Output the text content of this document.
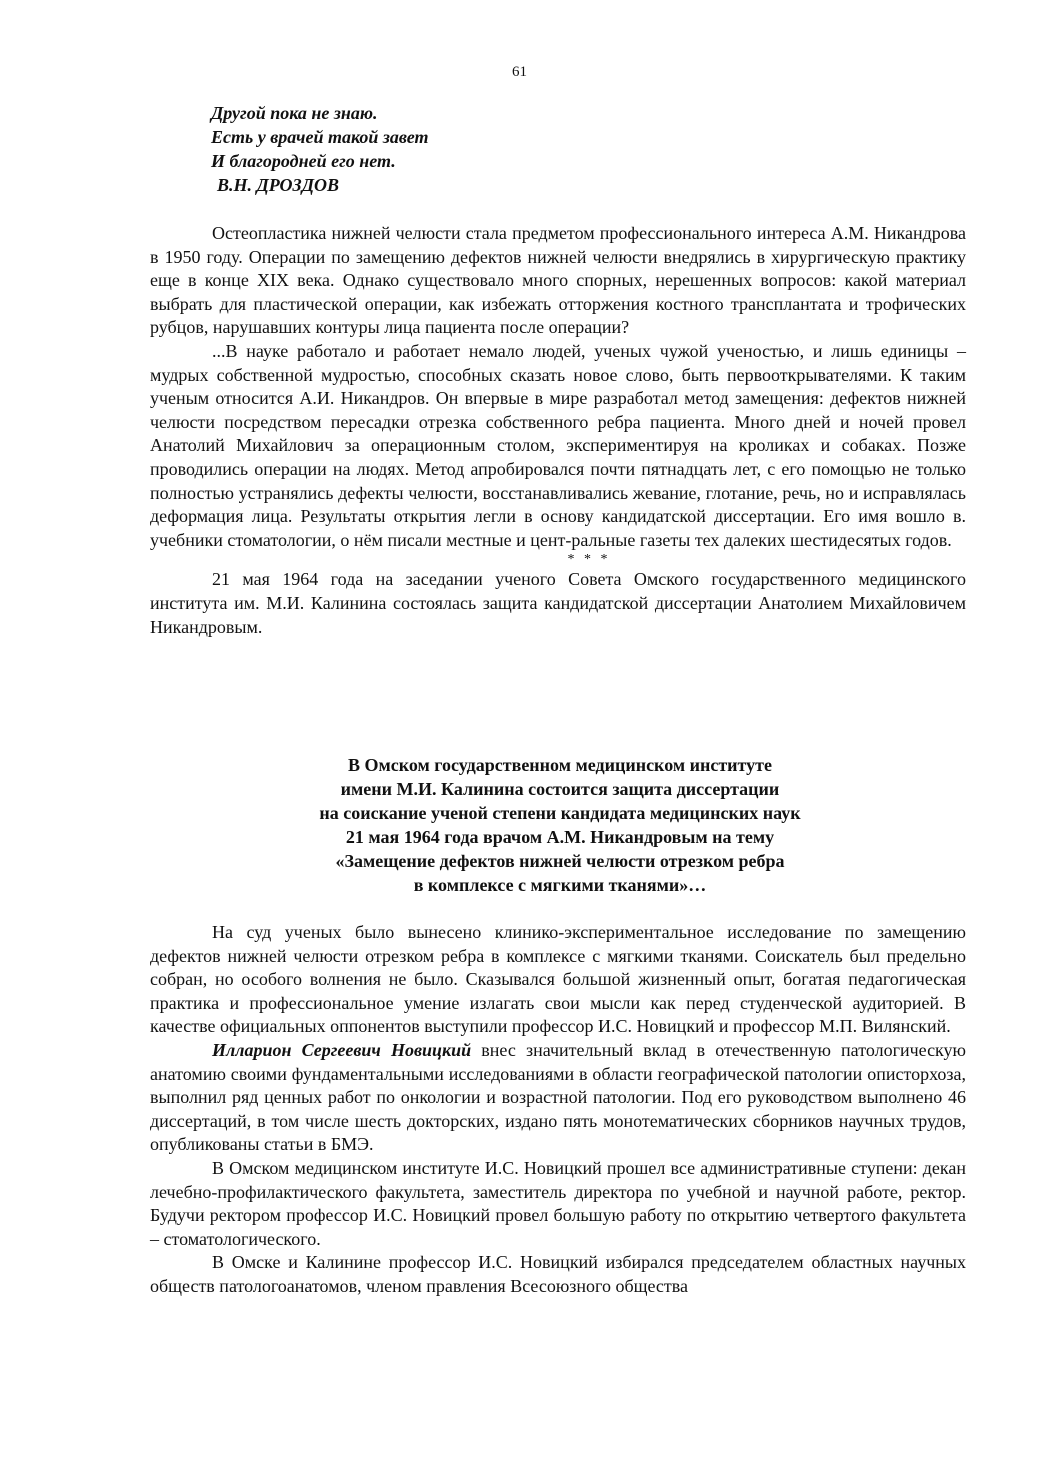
61
Другой пока не знаю.
Есть у врачей такой завет
И благородней его нет.
В.Н. ДРОЗДОВ

Остеопластика нижней челюсти стала предметом профессионального интереса А.М. Никандрова в 1950 году. Операции по замещению дефектов нижней челюсти внедрялись в хирургическую практику еще в конце XIX века. Однако существовало много спорных, нерешенных вопросов: какой материал выбрать для пластической операции, как избежать отторжения костного трансплантата и трофических рубцов, нарушавших контуры лица пациента после операции?

...В науке работало и работает немало людей, ученых чужой ученостью, и лишь единицы – мудрых собственной мудростью, способных сказать новое слово, быть первооткрывателями. К таким ученым относится А.И. Никандров. Он впервые в мире разработал метод замещения: дефектов нижней челюсти посредством пересадки отрезка собственного ребра пациента. Много дней и ночей провел Анатолий Михайлович за операционным столом, экспериментируя на кроликах и собаках. Позже проводились операции на людях. Метод апробировался почти пятнадцать лет, с его помощью не только полностью устранялись дефекты челюсти, восстанавливались жевание, глотание, речь, но и исправлялась деформация лица. Результаты открытия легли в основу кандидатской диссертации. Его имя вошло в. учебники стоматологии, о нём писали местные и цент-ральные газеты тех далеких шестидесятых годов.

* * *

21 мая 1964 года на заседании ученого Совета Омского государственного медицинского института им. М.И. Калинина состоялась защита кандидатской диссертации Анатолием Михайловичем Никандровым.

В Омском государственном медицинском институте
имени М.И. Калинина состоится защита диссертации
на соискание ученой степени кандидата медицинских наук
21 мая 1964 года врачом А.М. Никандровым на тему
«Замещение дефектов нижней челюсти отрезком ребра
в комплексе с мягкими тканями»…

На суд ученых было вынесено клинико-экспериментальное исследование по замещению дефектов нижней челюсти отрезком ребра в комплексе с мягкими тканями. Соискатель был предельно собран, но особого волнения не было. Сказывался большой жизненный опыт, богатая педагогическая практика и профессиональное умение излагать свои мысли как перед студенческой аудиторией. В качестве официальных оппонентов выступили профессор И.С. Новицкий и профессор М.П. Вилянский.

Илларион Сергеевич Новицкий внес значительный вклад в отечественную патологическую анатомию своими фундаментальными исследованиями в области географической патологии описторхоза, выполнил ряд ценных работ по онкологии и возрастной патологии. Под его руководством выполнено 46 диссертаций, в том числе шесть докторских, издано пять монотематических сборников научных трудов, опубликованы статьи в БМЭ.

В Омском медицинском институте И.С. Новицкий прошел все административные ступени: декан лечебно-профилактического факультета, заместитель директора по учебной и научной работе, ректор. Будучи ректором профессор И.С. Новицкий провел большую работу по открытию четвертого факультета – стоматологического.

В Омске и Калинине профессор И.С. Новицкий избирался председателем областных научных обществ патологоанатомов, членом правления Всесоюзного общества
